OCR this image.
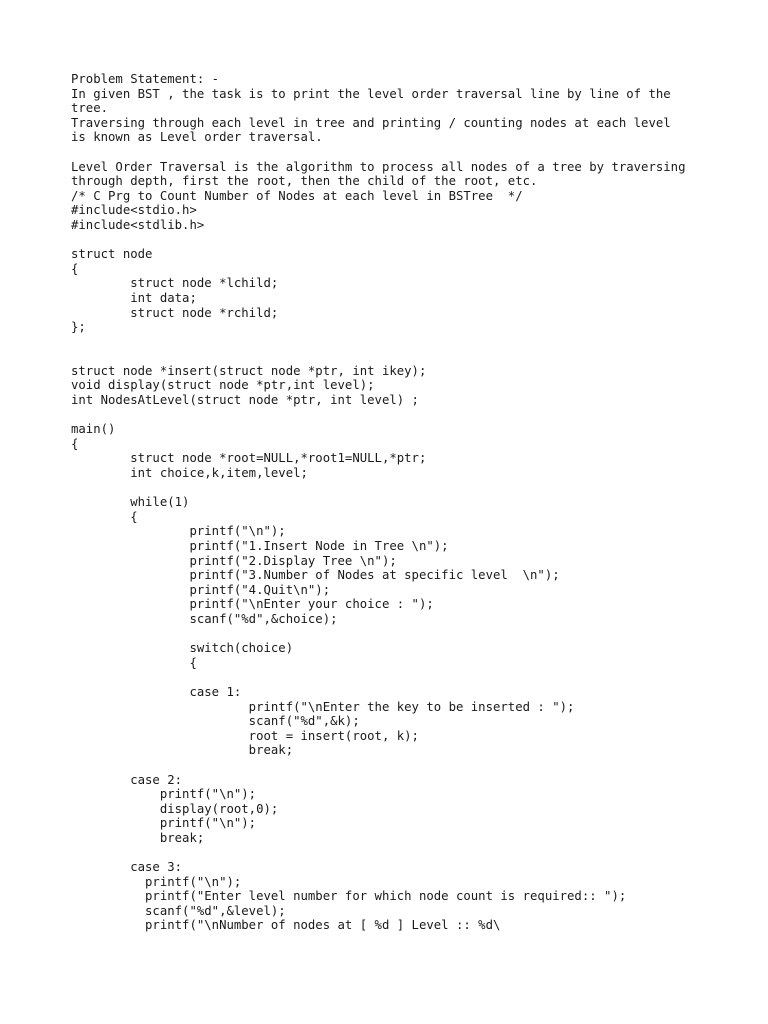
Problem Statement: -
In given BST , the task is to print the level order traversal line by line of the
tree.
Traversing through each level in tree and printing / counting nodes at each level
is known as Level order traversal.

Level Order Traversal is the algorithm to process all nodes of a tree by traversing
through depth, first the root, then the child of the root, etc.
/* C Prg to Count Number of Nodes at each level in BSTree  */
#include<stdio.h>
#include<stdlib.h>

struct node
{
struct node *lchild;
int data;
struct node *rchild;
};

struct node *insert(struct node *ptr, int ikey);
void display(struct node *ptr,int level);
int NodesAtLevel(struct node *ptr, int level) ;

main()
{
struct node *root=NULL,*root1=NULL,*ptr;
int choice,k,item,level;

while(1)
{
printf("\n");
printf("1.Insert Node in Tree \n");
printf("2.Display Tree \n");
printf("3.Number of Nodes at specific level  \n");
printf("4.Quit\n");
printf("\nEnter your choice : ");
scanf("%d",&choice);

switch(choice)
{

case 1:
printf("\nEnter the key to be inserted : ");
scanf("%d",&k);
root = insert(root, k);
break;

case 2:
printf("\n");
display(root,0);
printf("\n");
break;

case 3:
printf("\n");
printf("Enter level number for which node count is required:: ");
scanf("%d",&level);
printf("\nNumber of nodes at [ %d ] Level :: %d\
